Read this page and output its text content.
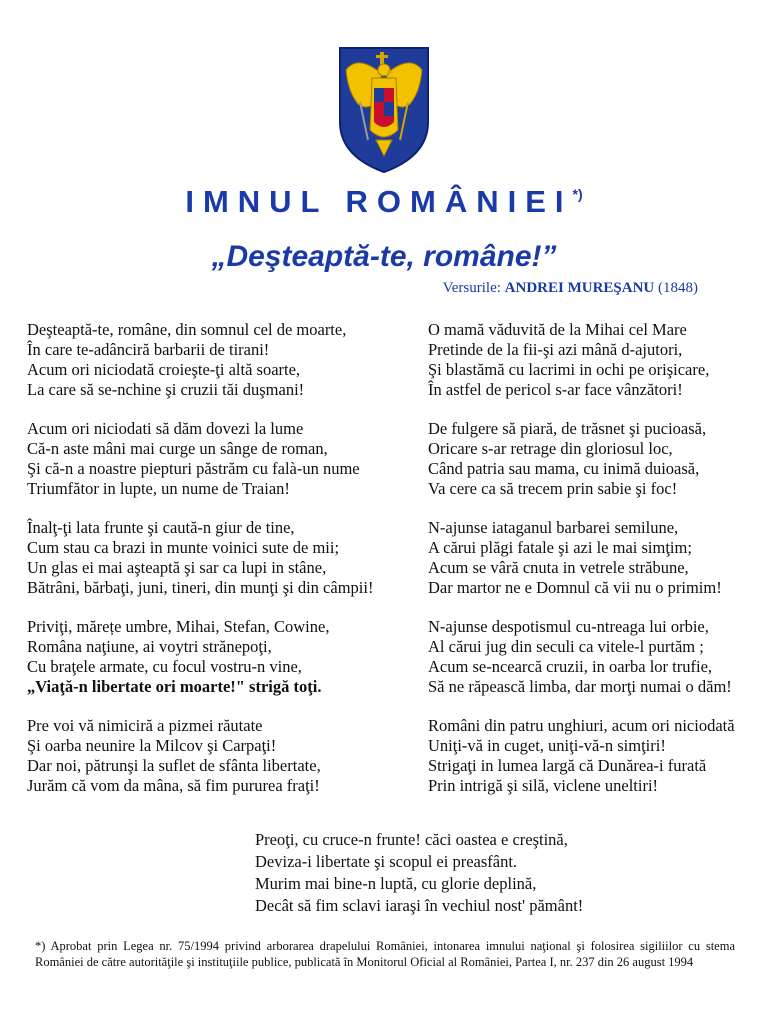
IMNUL ROMÂNIEI*)
„Deşteaptă-te, române!”
Versurile: ANDREI MUREŞANU (1848)

Deşteaptă-te, române, din somnul cel de moarte,
În care te-adânciră barbarii de tirani!
Acum ori niciodată croieşte-ţi altă soarte,
La care să se-nchine şi cruzii tăi duşmani!

Acum ori niciodati să dăm dovezi la lume
Că-n aste mâni mai curge un sânge de roman,
Şi că-n a noastre piepturi păstrăm cu falà-un nume
Triumfător in lupte, un nume de Traian!

Înalţ-ţi lata frunte şi caută-n giur de tine,
Cum stau ca brazi in munte voinici sute de mii;
Un glas ei mai aşteaptă şi sar ca lupi in stâne,
Bătrâni, bărbaţi, juni, tineri, din munţi şi din câmpii!

Priviţi, mărețe umbre, Mihai, Stefan, Cowine,
Româna naţiune, ai voytri strănepoţi,
Cu braţele armate, cu focul vostru-n vine,
„Viaţă-n libertate ori moarte!" strigă toţi.

Pre voi vă nimiciră a pizmei răutate
Şi oarba neunire la Milcov şi Carpaţi!
Dar noi, pătrunşi la suflet de sfânta libertate,
Jurăm că vom da mâna, să fim pururea fraţi!

O mamă văduvită de la Mihai cel Mare
Pretinde de la fii-şi azi mână d-ajutori,
Şi blastămă cu lacrimi in ochi pe orişicare,
În astfel de pericol s-ar face vânzători!

De fulgere să piară, de trăsnet şi pucioasă,
Oricare s-ar retrage din gloriosul loc,
Când patria sau mama, cu inimă duioasă,
Va cere ca să trecem prin sabie şi foc!

N-ajunse iataganul barbarei semilune,
A cărui plăgi fatale şi azi le mai simţim;
Acum se vâră cnuta in vetrele străbune,
Dar martor ne e Domnul că vii nu o primim!

N-ajunse despotismul cu-ntreaga lui orbie,
Al cărui jug din seculi ca vitele-l purtăm ;
Acum se-ncearcă cruzii, in oarba lor trufie,
Să ne răpească limba, dar morţi numai o dăm!

Români din patru unghiuri, acum ori niciodată
Uniţi-vă in cuget, uniţi-vă-n simţiri!
Strigaţi in lumea largă că Dunărea-i furată
Prin intrigă şi silă, viclene uneltiri!

Preoţi, cu cruce-n frunte! căci oastea e creştină,

Deviza-i libertate şi scopul ei preasfânt.

Murim mai bine-n luptă, cu glorie deplină,

Decât să fim sclavi iaraşi în vechiul nost' pământ!

*) Aprobat prin Legea nr. 75/1994 privind arborarea drapelului României, intonarea imnului naţional şi folosirea sigiliilor cu stema României de către autorităţile şi instituţiile publice, publicată în Monitorul Oficial al României, Partea I, nr. 237 din 26 august 1994
